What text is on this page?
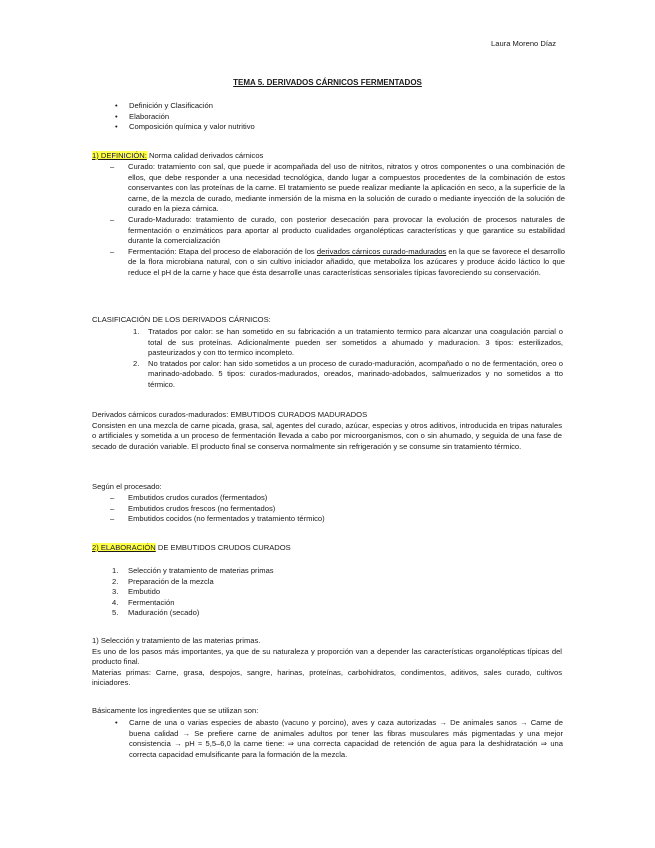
Laura Moreno Díaz
TEMA 5. DERIVADOS CÁRNICOS FERMENTADOS
•	Definición y Clasificación
•	Elaboración
•	Composición química y valor nutritivo
1) DEFINICIÓN: Norma calidad derivados cárnicos
–	Curado: tratamiento con sal, que puede ir acompañada del uso de nitritos, nitratos y otros componentes o una combinación de ellos, que debe responder a una necesidad tecnológica, dando lugar a compuestos procedentes de la combinación de estos conservantes con las proteínas de la carne. El tratamiento se puede realizar mediante la aplicación en seco, a la superficie de la carne, de la mezcla de curado, mediante inmersión de la misma en la solución de curado o mediante inyección de la solución de curado en la pieza cárnica.
–	Curado-Madurado: tratamiento de curado, con posterior desecación para provocar la evolución de procesos naturales de fermentación o enzimáticos para aportar al producto cualidades organolépticas características y que garantice su estabilidad durante la comercialización
–	Fermentación: Etapa del proceso de elaboración de los derivados cárnicos curado-madurados en la que se favorece el desarrollo de la flora microbiana natural, con o sin cultivo iniciador añadido, que metaboliza los azúcares y produce ácido láctico lo que reduce el pH de la carne y hace que ésta desarrolle unas características sensoriales típicas favoreciendo su conservación.
CLASIFICACIÓN DE LOS DERIVADOS CÁRNICOS:
1.	Tratados por calor: se han sometido en su fabricación a un tratamiento termico para alcanzar una coagulación parcial o total de sus proteínas. Adicionalmente pueden ser sometidos a ahumado y maduracion. 3 tipos: esterilizados, pasteurizados y con tto termico incompleto.
2.	No tratados por calor: han sido sometidos a un proceso de curado-maduración, acompañado o no de fermentación, oreo o marinado-adobado. 5 tipos: curados-madurados, oreados, marinado-adobados, salmuerizados y no sometidos a tto térmico.
Derivados cárnicos curados-madurados: EMBUTIDOS CURADOS MADURADOS
Consisten en una mezcla de carne picada, grasa, sal, agentes del curado, azúcar, especias y otros aditivos, introducida en tripas naturales o artificiales y sometida a un proceso de fermentación llevada a cabo por microorganismos, con o sin ahumado, y seguida de una fase de secado de duración variable. El producto final se conserva normalmente sin refrigeración y se consume sin tratamiento térmico.
Según el procesado:
–	Embutidos crudos curados (fermentados)
–	Embutidos crudos frescos (no fermentados)
–	Embutidos cocidos (no fermentados y tratamiento térmico)
2) ELABORACIÓN DE EMBUTIDOS CRUDOS CURADOS
1.	Selección y tratamiento de materias primas
2.	Preparación de la mezcla
3.	Embutido
4.	Fermentación
5.	Maduración (secado)
1) Selección y tratamiento de las materias primas.
Es uno de los pasos más importantes, ya que de su naturaleza y proporción van a depender las características organolépticas típicas del producto final.
Materias primas: Carne, grasa, despojos, sangre, harinas, proteínas, carbohidratos, condimentos, aditivos, sales curado, cultivos iniciadores.
Básicamente los ingredientes que se utilizan son:
•	Carne de una o varias especies de abasto (vacuno y porcino), aves y caza autorizadas → De animales sanos → Carne de buena calidad → Se prefiere carne de animales adultos por tener las fibras musculares más pigmentadas y una mejor consistencia → pH ≈ 5,5–6,0 la carne tiene: ⇒ una correcta capacidad de retención de agua para la deshidratación ⇒ una correcta capacidad emulsificante para la formación de la mezcla.
